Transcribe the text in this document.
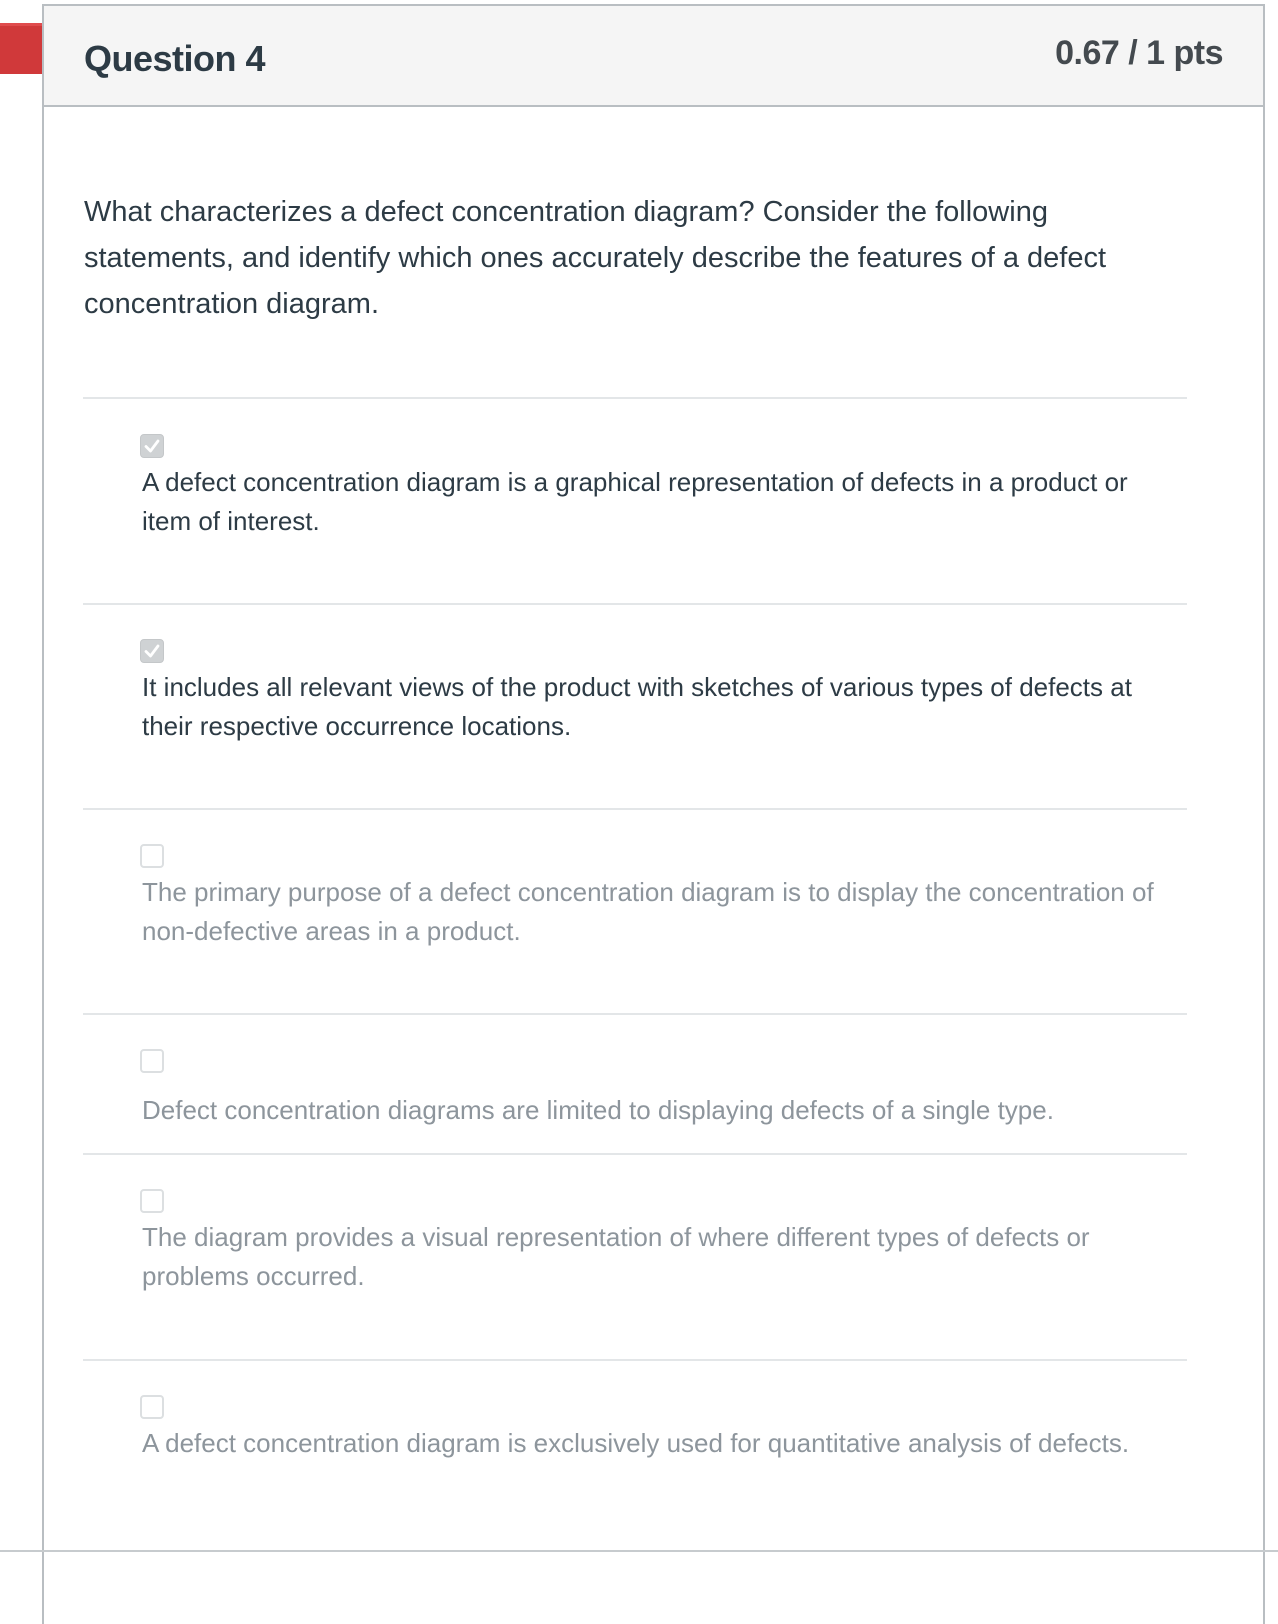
Question 4	0.67 / 1 pts
What characterizes a defect concentration diagram? Consider the following statements, and identify which ones accurately describe the features of a defect concentration diagram.
A defect concentration diagram is a graphical representation of defects in a product or item of interest.
It includes all relevant views of the product with sketches of various types of defects at their respective occurrence locations.
The primary purpose of a defect concentration diagram is to display the concentration of non-defective areas in a product.
Defect concentration diagrams are limited to displaying defects of a single type.
The diagram provides a visual representation of where different types of defects or problems occurred.
A defect concentration diagram is exclusively used for quantitative analysis of defects.
